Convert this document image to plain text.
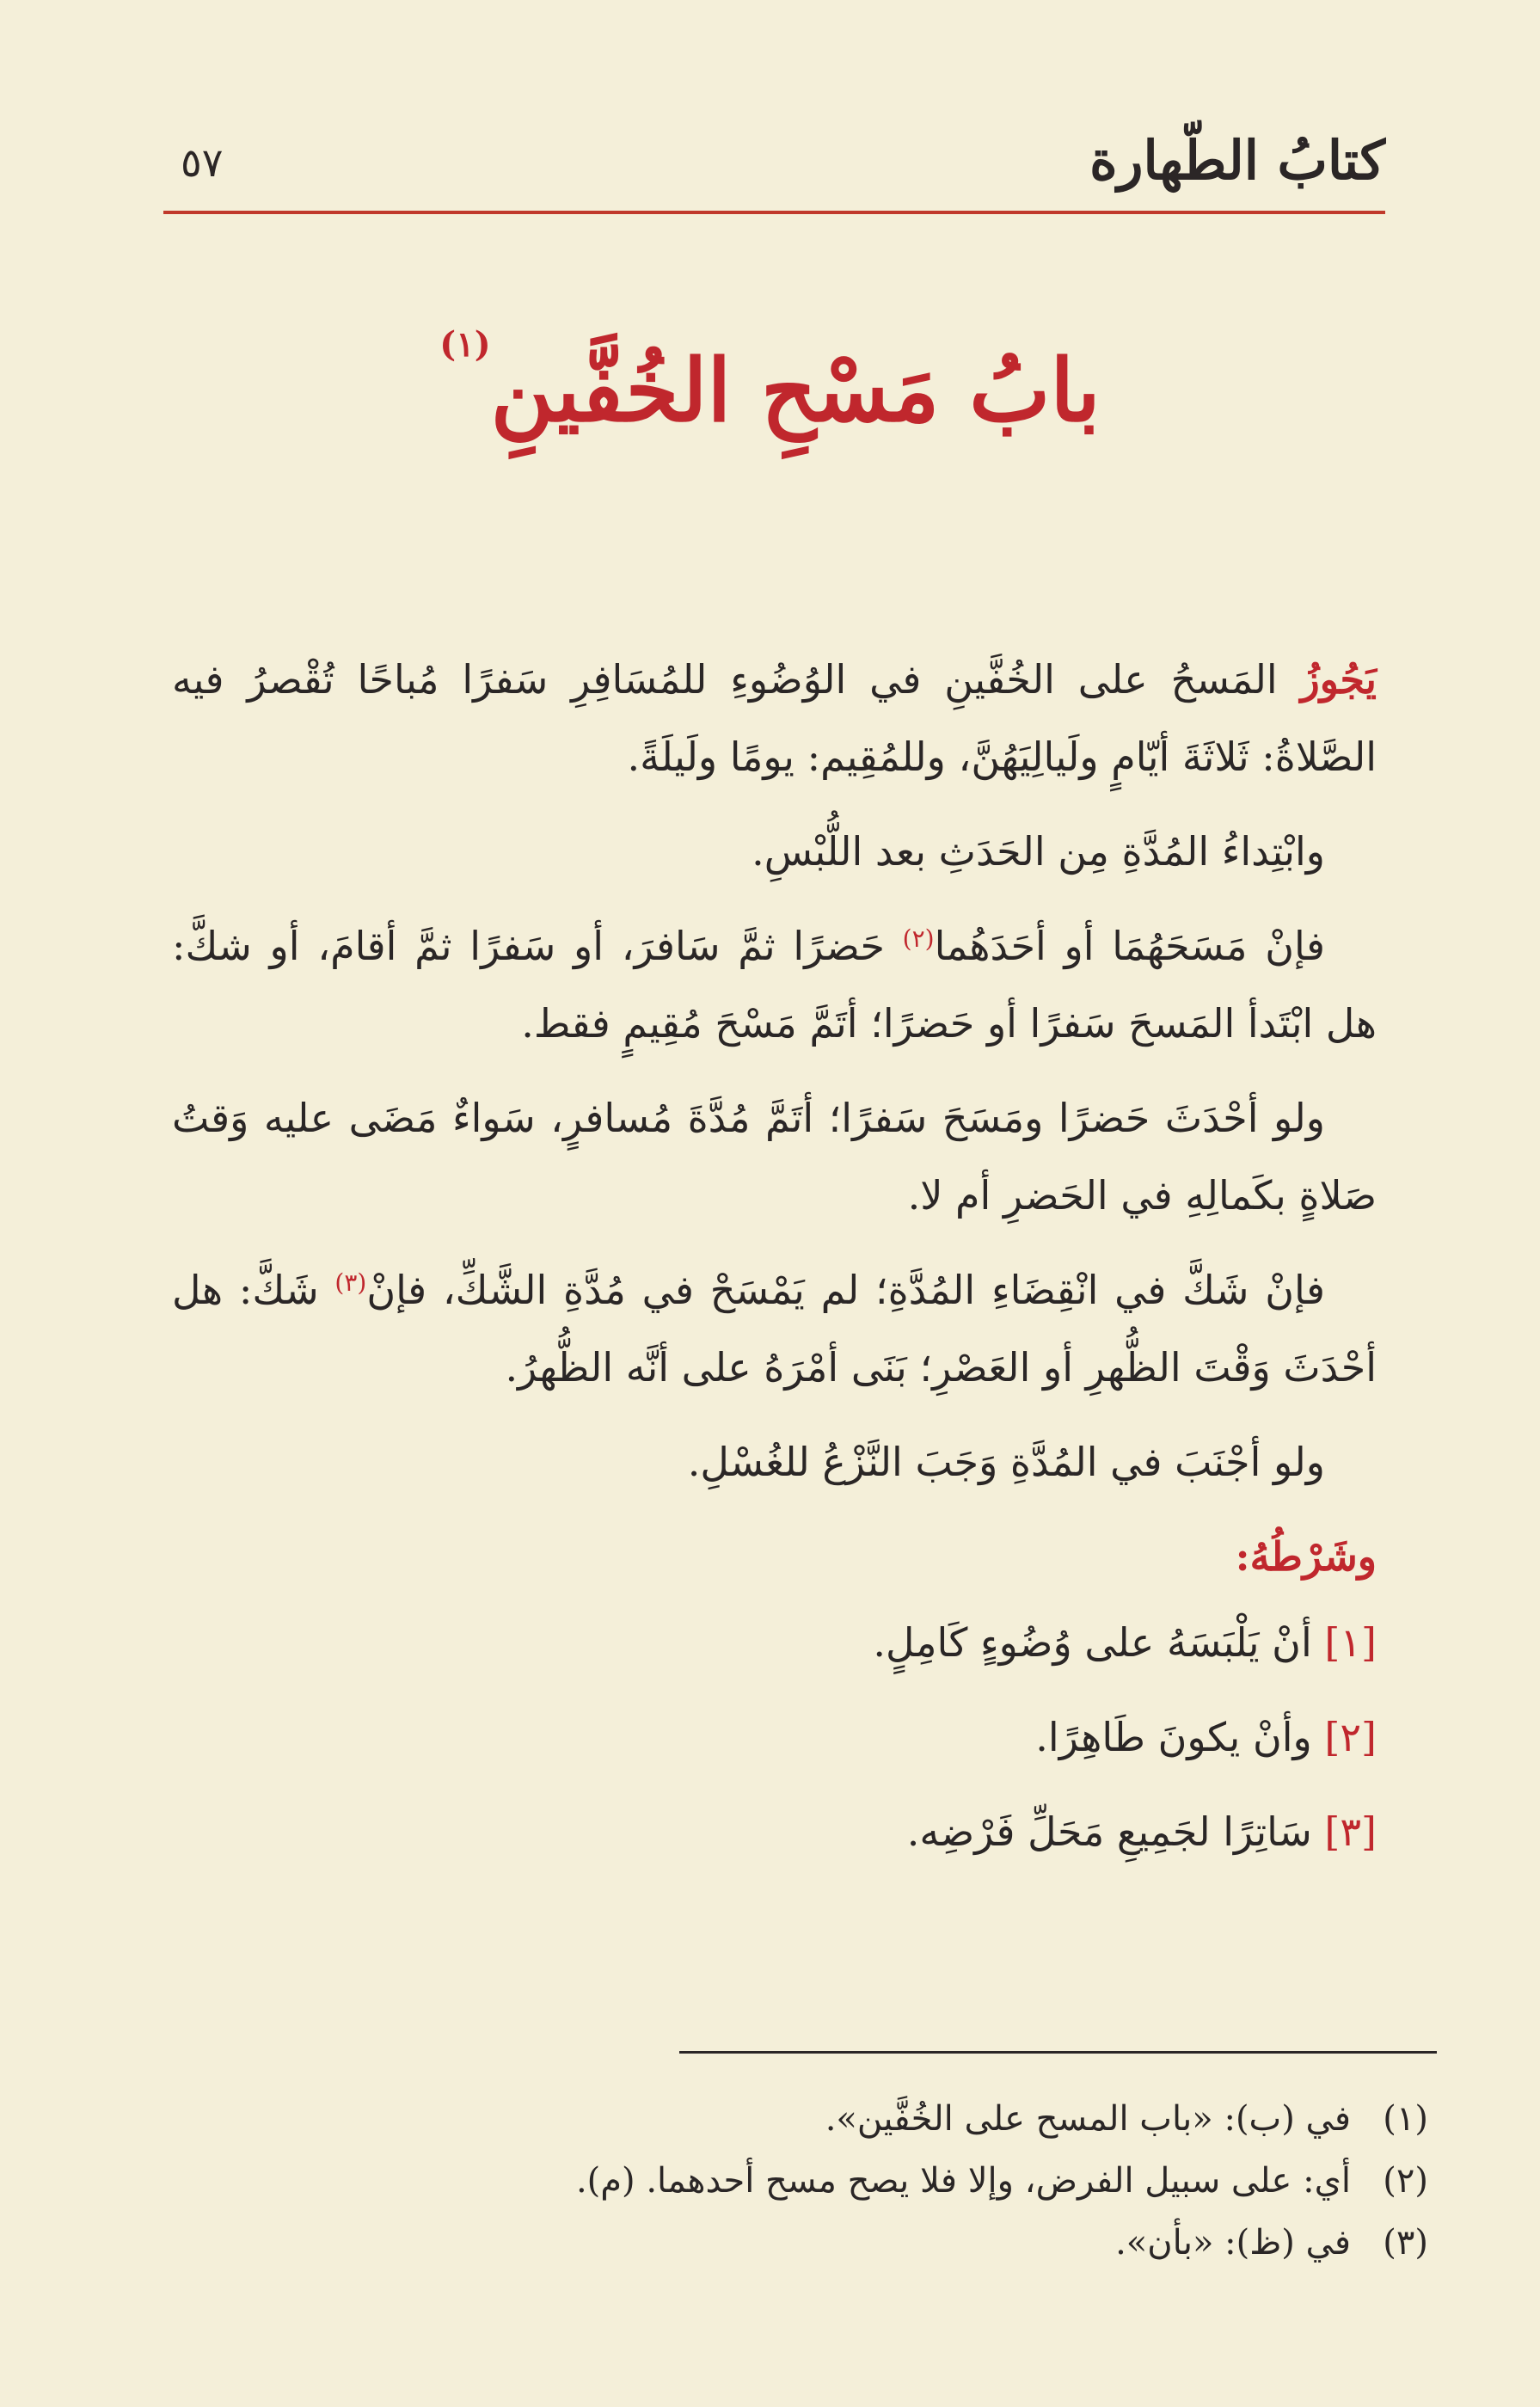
كتابُ الطّهارة
٥٧
بابُ مَسْحِ الخُفَّينِ$^{(١)}$

يَجُوزُ المَسحُ على الخُفَّينِ في الوُضُوءِ للمُسَافِرِ سَفرًا مُباحًا تُقْصرُ فيه الصَّلاةُ: ثَلاثَةَ أيّامٍ ولَيالِيَهُنَّ، وللمُقِيم: يومًا ولَيلَةً.

وابْتِداءُ المُدَّةِ مِن الحَدَثِ بعد اللُّبْسِ.

فإنْ مَسَحَهُمَا أو أحَدَهُما$^{(٢)}$ حَضرًا ثمَّ سَافرَ، أو سَفرًا ثمَّ أقامَ، أو شكَّ: هل ابْتَدأ المَسحَ سَفرًا أو حَضرًا؛ أتَمَّ مَسْحَ مُقِيمٍ فقط.

ولو أحْدَثَ حَضرًا ومَسَحَ سَفرًا؛ أتَمَّ مُدَّةَ مُسافرٍ، سَواءٌ مَضَى عليه وَقتُ صَلاةٍ بكَمالِهِ في الحَضرِ أم لا.

فإنْ شَكَّ في انْقِضَاءِ المُدَّةِ؛ لم يَمْسَحْ في مُدَّةِ الشَّكِّ، فإنْ$^{(٣)}$ شَكَّ: هل أحْدَثَ وَقْتَ الظُّهرِ أو العَصْرِ؛ بَنَى أمْرَهُ على أنَّه الظُّهرُ.

ولو أجْنَبَ في المُدَّةِ وَجَبَ النَّزْعُ للغُسْلِ.

وشَرْطُهُ:
[١] أنْ يَلْبَسَهُ على وُضُوءٍ كَامِلٍ.
[٢] وأنْ يكونَ طَاهِرًا.
[٣] سَاتِرًا لجَمِيعِ مَحَلِّ فَرْضِه.
(١)في (ب): «باب المسح على الخُفَّين».
(٢)أي: على سبيل الفرض، وإلا فلا يصح مسح أحدهما. (م).
(٣)في (ظ): «بأن».
